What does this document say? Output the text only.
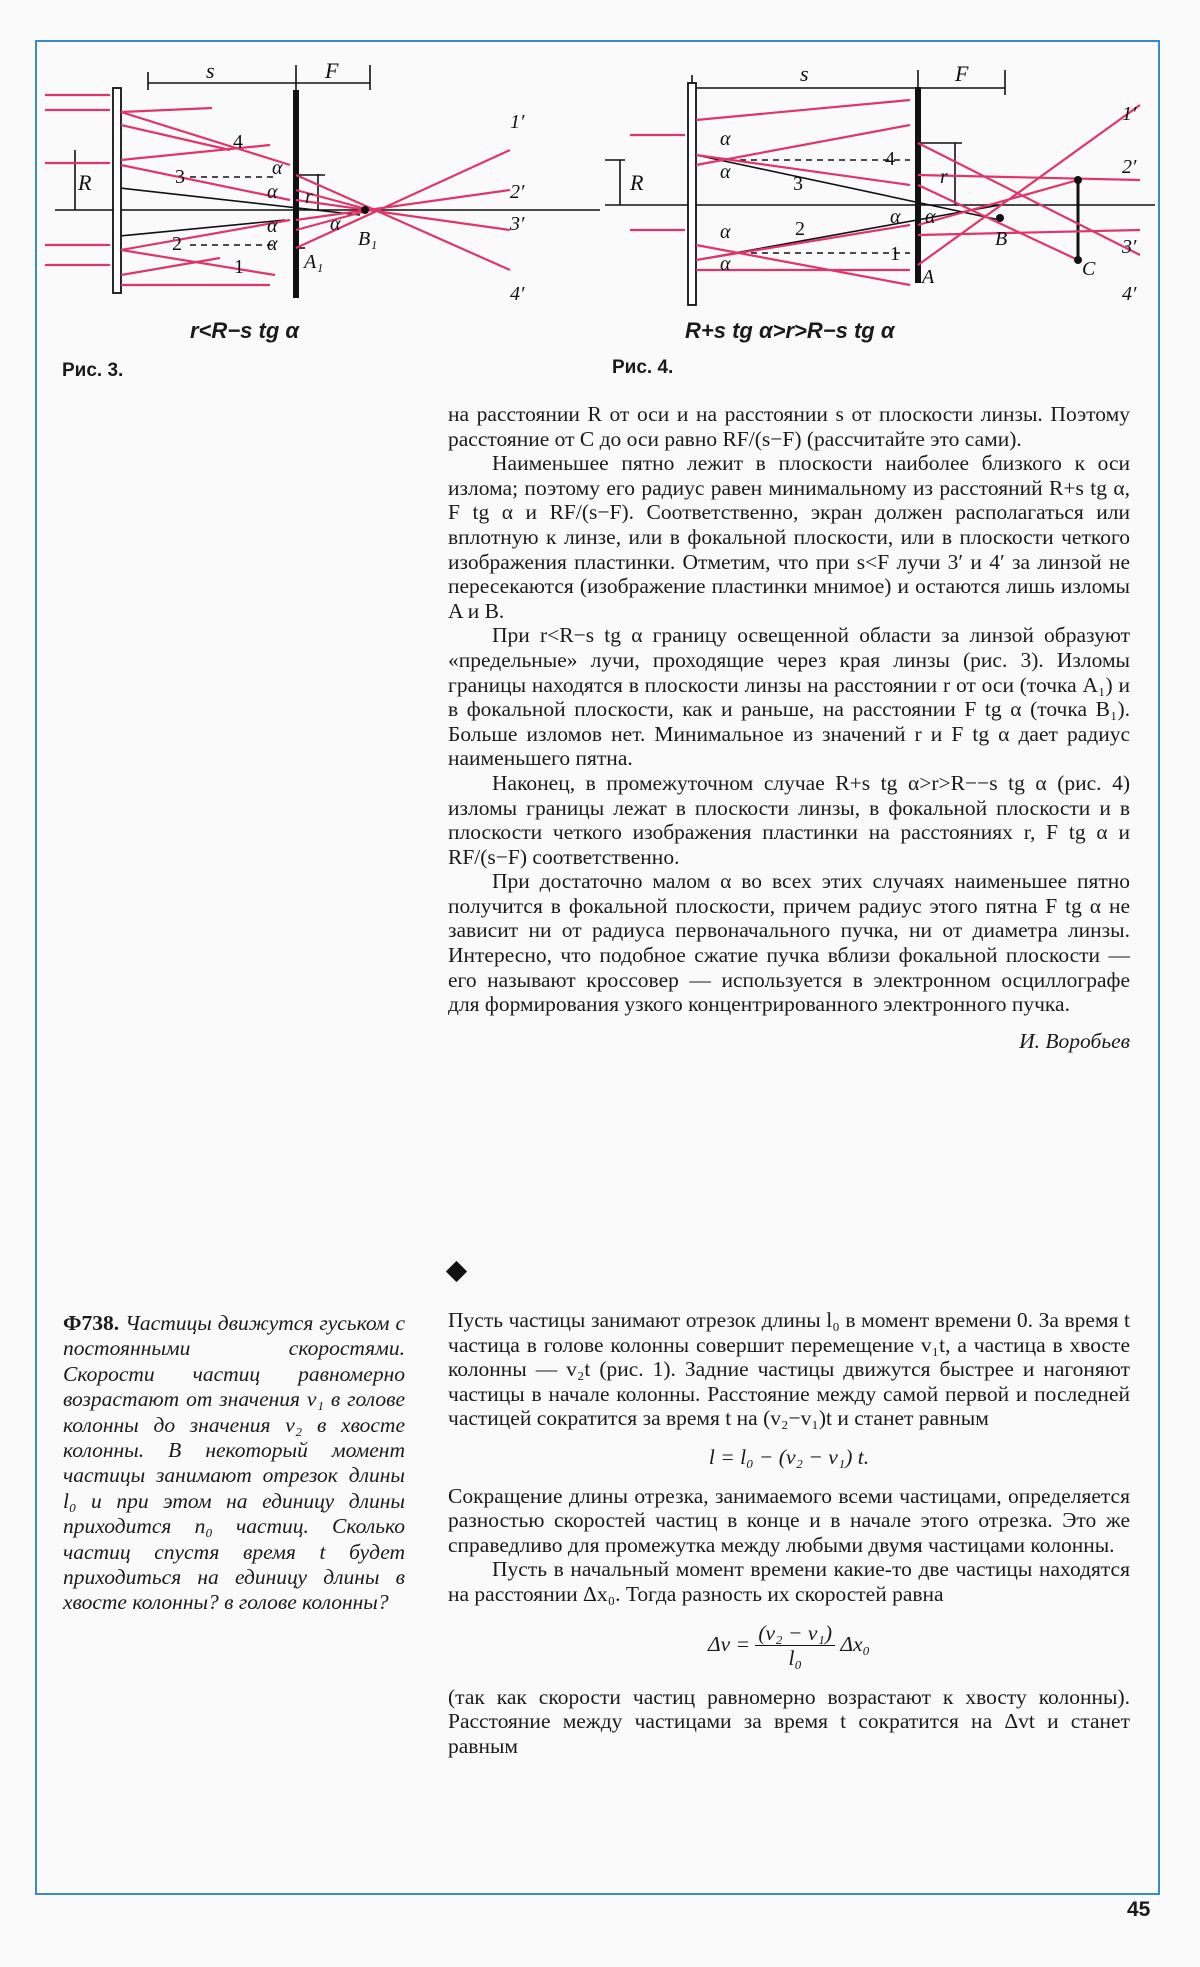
s	F
R
r
3
4
2
1
α
α
α
α
α
A₁
B₁
1′
2′
3′
4′
r<R−s tg α
Рис. 3.
s	F
R	r
3
4
2
1
α
α
α
α
α α
A
B
C
1′
2′
3′
4′
R+s tg α>r>R−s tg α
Рис. 4.

на расстоянии R от оси и на расстоянии s от плоскости линзы. Поэтому расстояние от C до оси равно RF/(s−F) (рассчитайте это сами).

Наименьшее пятно лежит в плоскости наиболее близкого к оси излома; поэтому его радиус равен минимальному из расстояний R+s tg α, F tg α и RF/(s−F). Соответственно, экран должен располагаться или вплотную к линзе, или в фокальной плоскости, или в плоскости четкого изображения пластинки. Отметим, что при s<F лучи 3′ и 4′ за линзой не пересекаются (изображение пластинки мнимое) и остаются лишь изломы A и B.

При r<R−s tg α границу освещенной области за линзой образуют «предельные» лучи, проходящие через края линзы (рис. 3). Изломы границы находятся в плоскости линзы на расстоянии r от оси (точка A₁) и в фокальной плоскости, как и раньше, на расстоянии F tg α (точка B₁). Больше изломов нет. Минимальное из значений r и F tg α дает радиус наименьшего пятна.

Наконец, в промежуточном случае R+s tg α>r>R−−s tg α (рис. 4) изломы границы лежат в плоскости линзы, в фокальной плоскости и в плоскости четкого изображения пластинки на расстояниях r, F tg α и RF/(s−F) соответственно.

При достаточно малом α во всех этих случаях наименьшее пятно получится в фокальной плоскости, причем радиус этого пятна F tg α не зависит ни от радиуса первоначального пучка, ни от диаметра линзы. Интересно, что подобное сжатие пучка вблизи фокальной плоскости — его называют кроссовер — используется в электронном осциллографе для формирования узкого концентрированного электронного пучка.

И. Воробьев
Ф738. Частицы движутся гуськом с постоянными скоростями. Скорости частиц равномерно возрастают от значения v₁ в голове колонны до значения v₂ в хвосте колонны. В некоторый момент частицы занимают отрезок длины l₀ и при этом на единицу длины приходится n₀ частиц. Сколько частиц спустя время t будет приходиться на единицу длины в хвосте колонны? в голове колонны?

Пусть частицы занимают отрезок длины l₀ в момент времени 0. За время t частица в голове колонны совершит перемещение v₁t, а частица в хвосте колонны — v₂t (рис. 1). Задние частицы движутся быстрее и нагоняют частицы в начале колонны. Расстояние между самой первой и последней частицей сократится за время t на (v₂−v₁)t и станет равным

l = l₀ − (v₂ − v₁) t.

Сокращение длины отрезка, занимаемого всеми частицами, определяется разностью скоростей частиц в конце и в начале этого отрезка. Это же справедливо для промежутка между любыми двумя частицами колонны.

Пусть в начальный момент времени какие-то две частицы находятся на расстоянии Δx₀. Тогда разность их скоростей равна

$\Delta v = \frac{\text{(v₂ − v₁)}}{\text{l₀}} \Delta x_0$

(так как скорости частиц равномерно возрастают к хвосту колонны). Расстояние между частицами за время t сократится на Δvt и станет равным

45
